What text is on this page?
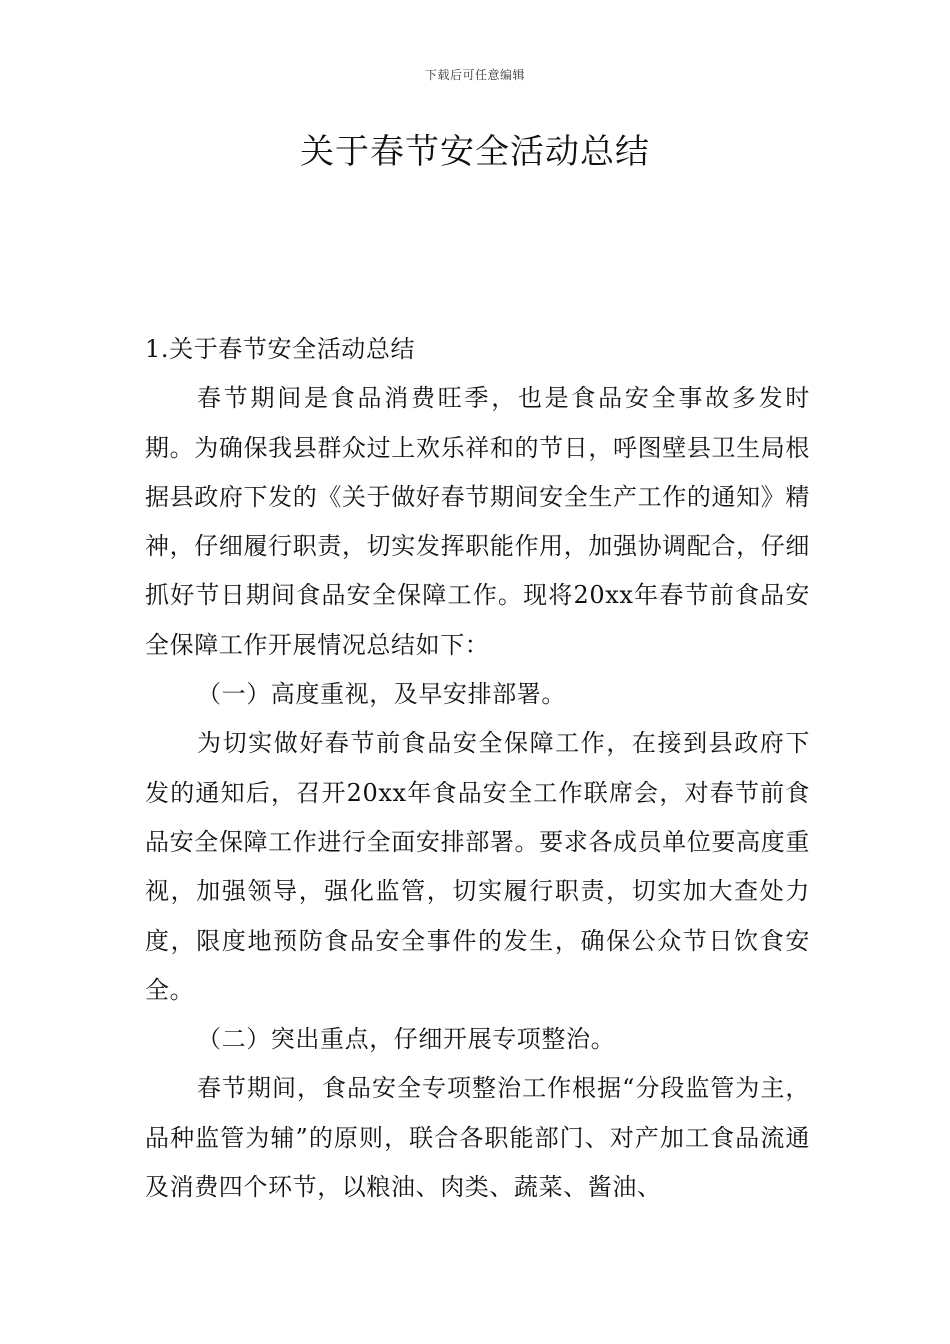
下载后可任意编辑
关于春节安全活动总结

1.关于春节安全活动总结

春节期间是食品消费旺季，也是食品安全事故多发时期。为确保我县群众过上欢乐祥和的节日，呼图壁县卫生局根据县政府下发的《关于做好春节期间安全生产工作的通知》精神，仔细履行职责，切实发挥职能作用，加强协调配合，仔细抓好节日期间食品安全保障工作。现将20xx年春节前食品安全保障工作开展情况总结如下：

（一）高度重视，及早安排部署。

为切实做好春节前食品安全保障工作，在接到县政府下发的通知后，召开20xx年食品安全工作联席会，对春节前食品安全保障工作进行全面安排部署。要求各成员单位要高度重视，加强领导，强化监管，切实履行职责，切实加大查处力度，限度地预防食品安全事件的发生，确保公众节日饮食安全。

（二）突出重点，仔细开展专项整治。

春节期间，食品安全专项整治工作根据“分段监管为主，品种监管为辅”的原则，联合各职能部门、对产加工食品流通及消费四个环节，以粮油、肉类、蔬菜、酱油、
